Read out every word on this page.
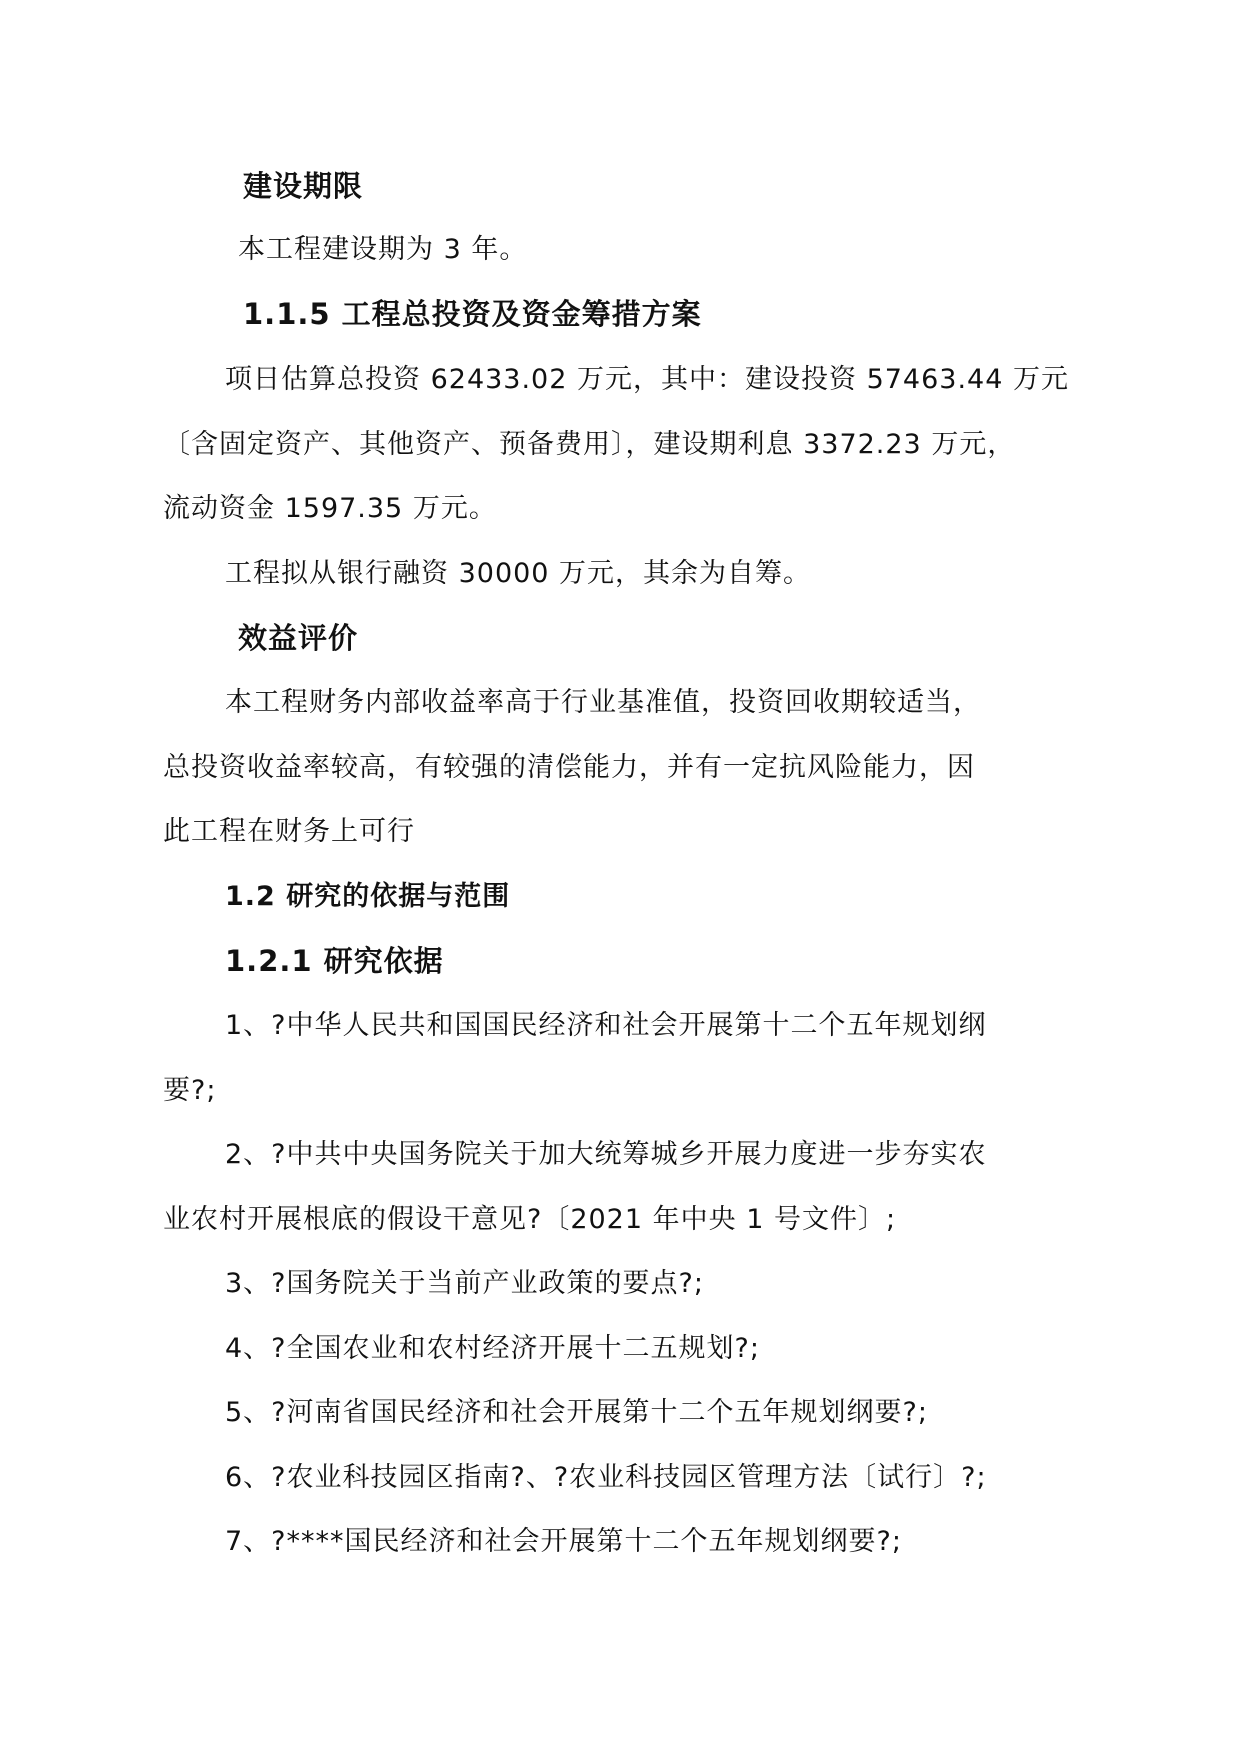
建设期限
本工程建设期为 3 年。
1.1.5 工程总投资及资金筹措方案
项日估算总投资 62433.02 万元，其中：建设投资 57463.44 万元
〔含固定资产、其他资产、预备费用〕，建设期利息 3372.23 万元，
流动资金 1597.35 万元。
工程拟从银行融资 30000 万元，其余为自筹。
效益评价
本工程财务内部收益率高于行业基准值，投资回收期较适当，
总投资收益率较高，有较强的清偿能力，并有一定抗风险能力，因
此工程在财务上可行
1.2 研究的依据与范围
1.2.1 研究依据
1、?中华人民共和国国民经济和社会开展第十二个五年规划纲
要?;
2、?中共中央国务院关于加大统筹城乡开展力度进一步夯实农
业农村开展根底的假设干意见?〔2021 年中央 1 号文件〕;
3、?国务院关于当前产业政策的要点?;
4、?全国农业和农村经济开展十二五规划?;
5、?河南省国民经济和社会开展第十二个五年规划纲要?;
6、?农业科技园区指南?、?农业科技园区管理方法〔试行〕?;
7、?****国民经济和社会开展第十二个五年规划纲要?;
